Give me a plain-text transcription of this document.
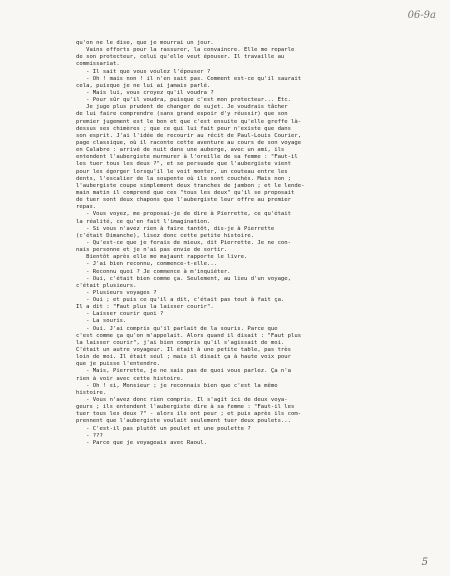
06-9a
qu'on ne le dise, que je mourrai un jour.
Vains efforts pour la rassurer, la convaincre. Elle me reparle
de son protecteur, celui qu'elle veut épouser. Il travaille au
commissariat.
- Il sait que vous voulez l'épouser ?
- Oh ! mais non ! il n'en sait pas. Comment est-ce qu'il saurait
cela, puisque je ne lui ai jamais parlé.
- Mais lui, vous croyez qu'il voudra ?
- Pour sûr qu'il voudra, puisque c'est mon protecteur... Etc.
Je juge plus prudent de changer de sujet. Je voudrais tâcher
de lui faire comprendre (sans grand espoir d'y réussir) que son
premier jugement est le bon et que c'est ensuite qu'elle greffe là-
dessus ses chimères ; que ce qui lui fait peur n'existe que dans
son esprit. J'ai l'idée de recourir au récit de Paul-Louis Courier,
page classique, où il raconte cette aventure au cours de son voyage
en Calabre : arrivé de nuit dans une auberge, avec un ami, ils
entendent l'aubergiste murmurer à l'oreille de sa femme : "Faut-il
les tuer tous les deux ?", et se persuade que l'aubergiste vient
pour les égorger lorsqu'il le voit monter, un couteau entre les
dents, l'escalier de la soupente où ils sont couchés. Mais non ;
l'aubergiste coupe simplement deux tranches de jambon ; et le lende-
main matin il comprend que ces "tous les deux" qu'il se proposait
de tuer sont deux chapons que l'aubergiste leur offre au premier
repas.
- Vous voyez, me proposai-je de dire à Pierrette, ce qu'était
la réalité, ce qu'en fait l'imagination.
- Si vous n'avez rien à faire tantôt, dis-je à Pierrette
(c'était Dimanche), lisez donc cette petite histoire.
- Qu'est-ce que je ferais de mieux, dit Pierrette. Je ne con-
nais personne et je n'ai pas envie de sortir.
Bientôt après elle me majaunt rapporte le livre.
- J'ai bien reconnu, commence-t-elle...
- Reconnu quoi ? Je commence à m'inquiéter.
- Oui, c'était bien comme ça. Seulement, au lieu d'un voyage,
c'était plusieurs.
- Plusieurs voyages ?
- Oui ; et puis ce qu'il a dit, c'était pas tout à fait ça.
Il a dit : "Faut plus la laisser courir".
- Laisser courir quoi ?
- La souris.
- Oui. J'ai compris qu'il parlait de la souris. Parce que
c'est comme ça qu'on m'appelait. Alors quand il disait : "Faut plus
la laisser courir", j'ai bien compris qu'il s'agissait de moi.
C'était un autre voyageur. Il était à une petite table, pas très
loin de moi. Il était seul ; mais il disait ça à haute voix pour
que je puisse l'entendre.
- Mais, Pierrette, je ne sais pas de quoi vous parlez. Ça n'a
rien à voir avec cette histoire.
- Oh ! si, Monsieur ; je reconnais bien que c'est la même
histoire.
- Vous n'avez donc rien compris. Il s'agit ici de deux voya-
geurs ; ils entendent l'aubergiste dire à sa femme : "Faut-il les
tuer tous les deux ?" - alors ils ont peur ; et puis après ils com-
prennent que l'aubergiste voulait seulement tuer deux poulets...
- C'est-il pas plutôt un poulet et une poulette ?
- ???
- Parce que je voyageais avec Raoul.
5
